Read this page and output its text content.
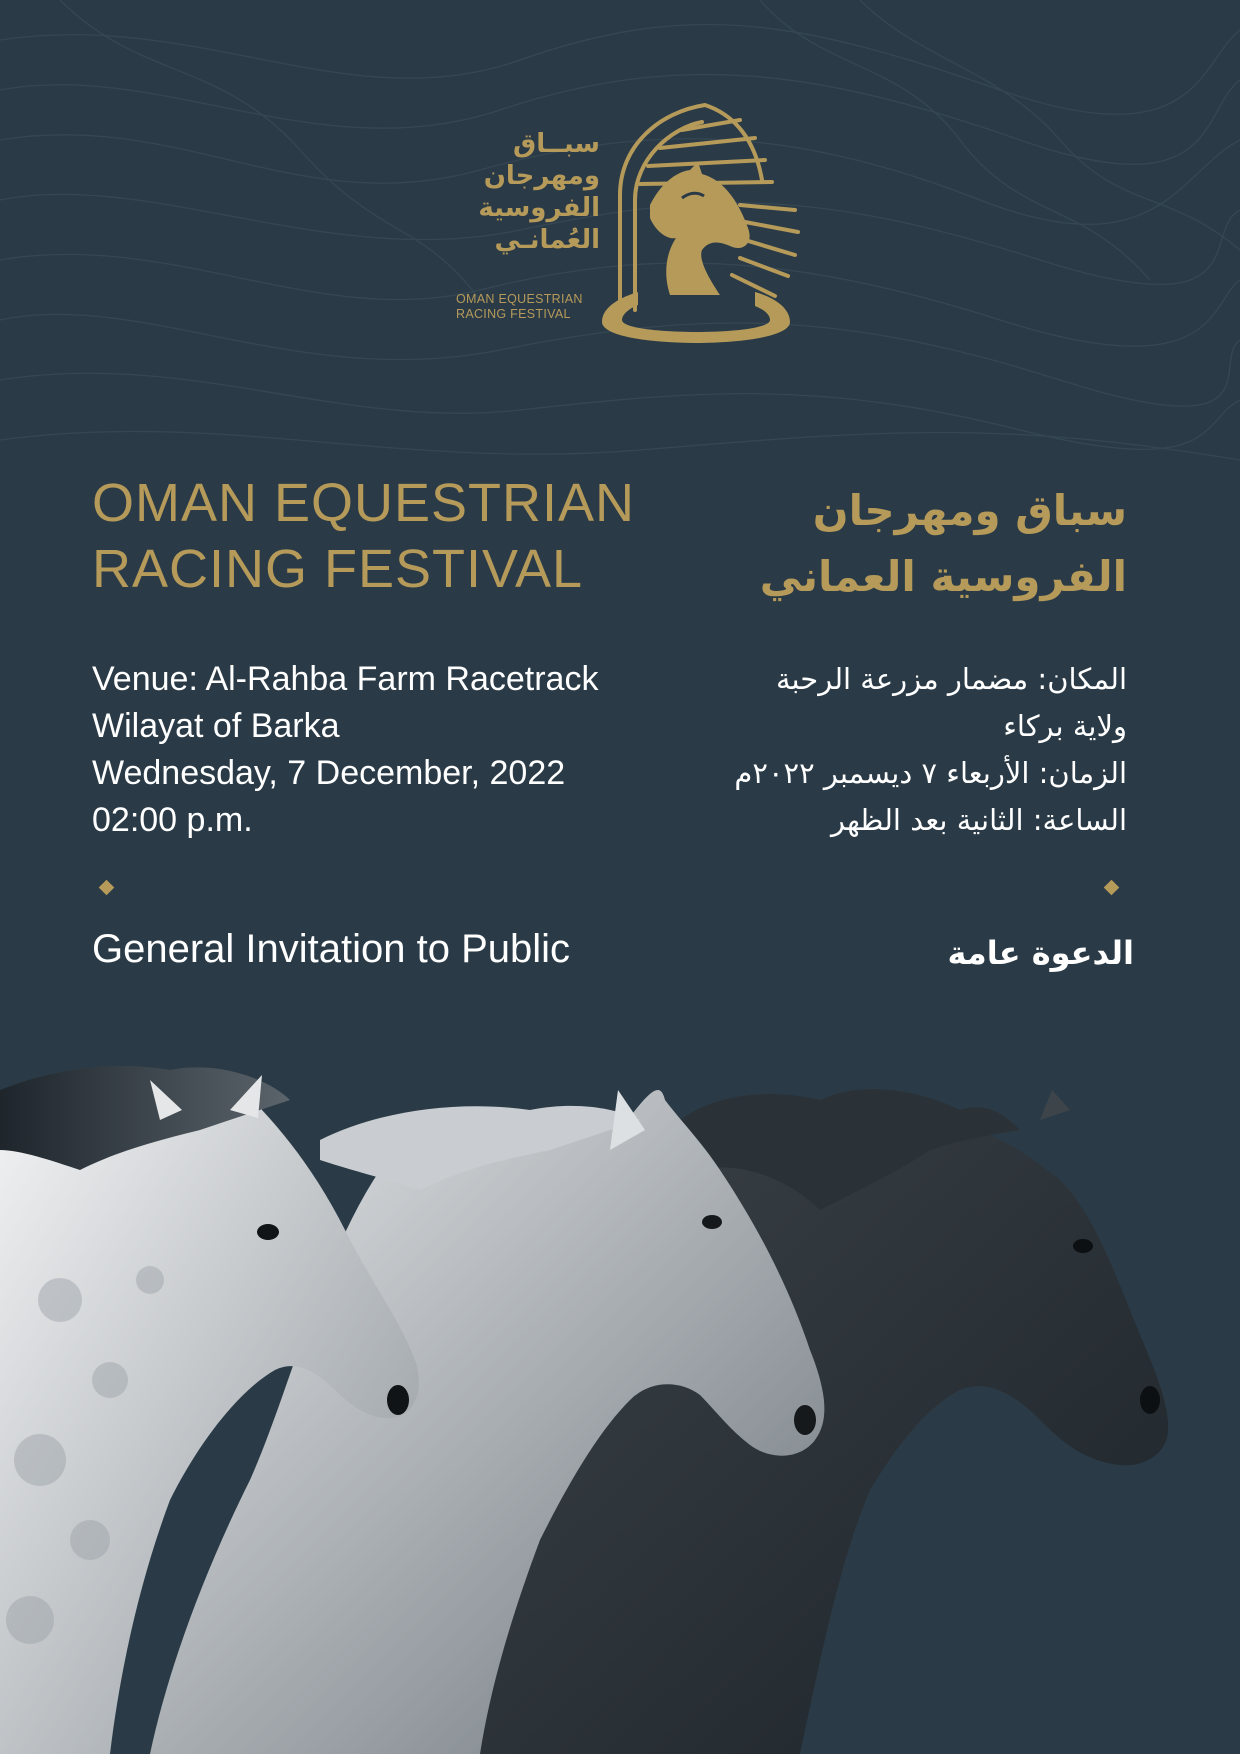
سبــاق
ومهرجان
الفروسية
العُمانـي
OMAN EQUESTRIAN
RACING FESTIVAL
OMAN EQUESTRIAN
RACING FESTIVAL
سباق ومهرجان
الفروسية العماني
Venue: Al-Rahba Farm Racetrack
Wilayat of Barka
Wednesday, 7 December, 2022
02:00 p.m.
المكان: مضمار مزرعة الرحبة
ولاية بركاء
الزمان: الأربعاء ٧ ديسمبر ٢٠٢٢م
الساعة: الثانية بعد الظهر
General Invitation to Public	الدعوة عامة
